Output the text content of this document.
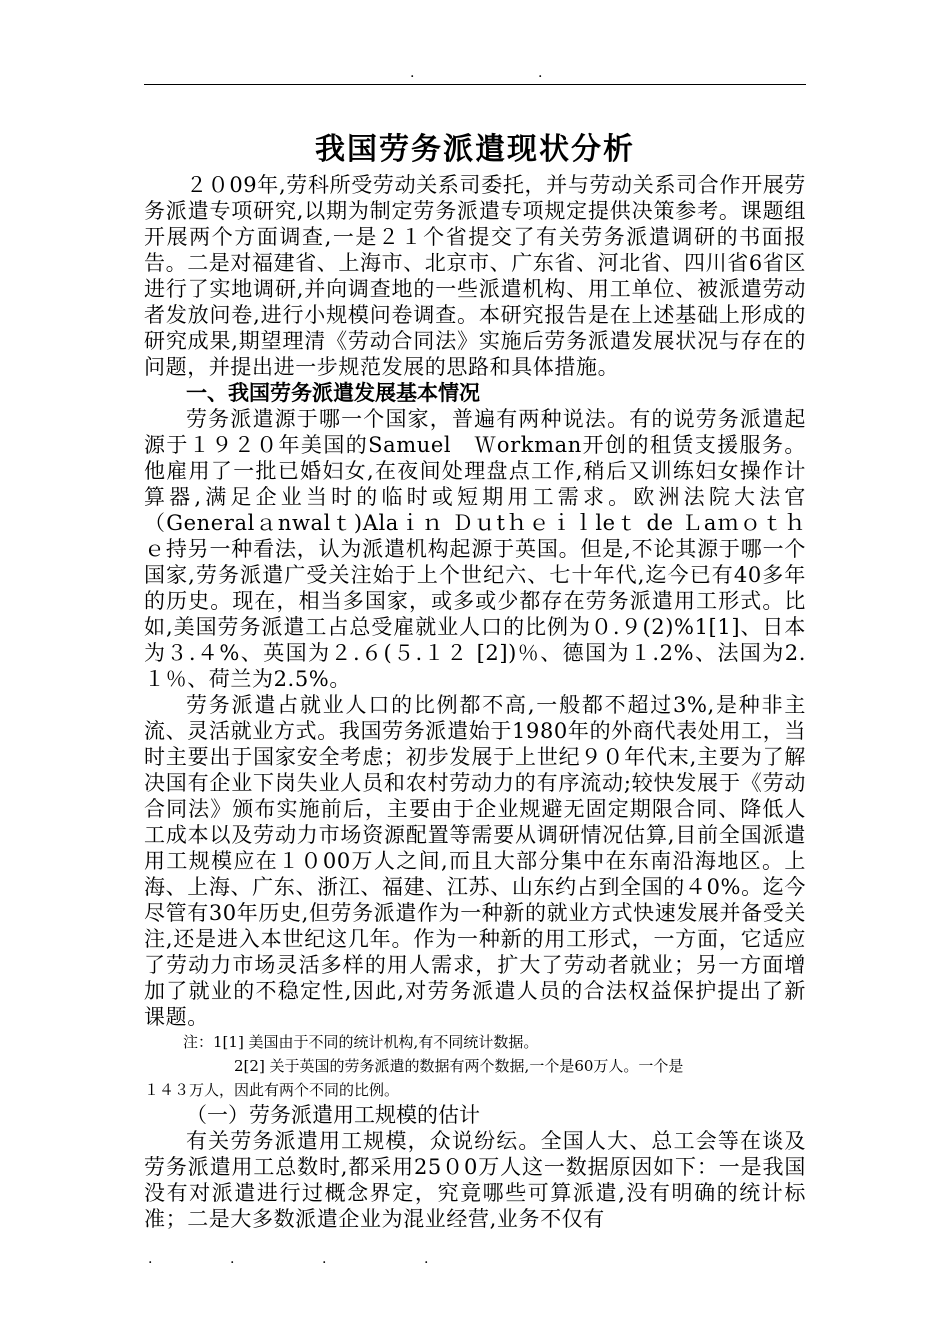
.	.
我国劳务派遣现状分析

２０09年,劳科所受劳动关系司委托，并与劳动关系司合作开展劳务派遣专项研究,以期为制定劳务派遣专项规定提供决策参考。课题组开展两个方面调查,一是２１个省提交了有关劳务派遣调研的书面报告。二是对福建省、上海市、北京市、广东省、河北省、四川省6省区进行了实地调研,并向调查地的一些派遣机构、用工单位、被派遣劳动者发放问卷,进行小规模问卷调查。本研究报告是在上述基础上形成的研究成果,期望理清《劳动合同法》实施后劳务派遣发展状况与存在的问题，并提出进一步规范发展的思路和具体措施。

一、我国劳务派遣发展基本情况

劳务派遣源于哪一个国家，普遍有两种说法。有的说劳务派遣起　源于１９２０年美国的Samuel　Ｗorkman开创的租赁支援服务。他雇用了一批已婚妇女,在夜间处理盘点工作,稍后又训练妇女操作计算器,满足企业当时的临时或短期用工需求。欧洲法院大法官（Generalａnwalｔ)Alaｉｎ Ｄｕtｈｅｉｌleｔ de Ｌaｍｏｔｈｅ持另一种看法，认为派遣机构起源于英国。但是,不论其源于哪一个国家,劳务派遣广受关注始于上个世纪六、七十年代,迄今已有40多年的历史。现在，相当多国家，或多或少都存在劳务派遣用工形式。比如,美国劳务派遣工占总受雇就业人口的比例为０.９(2)%1[1]、日本为３.４%、英国为２.６(５.１２ [2])％、德国为１.2%、法国为2.１％、荷兰为2.5%。

劳务派遣占就业人口的比例都不高,一般都不超过3%,是种非主流、灵活就业方式。我国劳务派遣始于1980年的外商代表处用工，当时主要出于国家安全考虑；初步发展于上世纪９０年代末,主要为了解决国有企业下岗失业人员和农村劳动力的有序流动;较快发展于《劳动合同法》颁布实施前后，主要由于企业规避无固定期限合同、降低人工成本以及劳动力市场资源配置等需要从调研情况估算,目前全国派遣用工规模应在１０00万人之间,而且大部分集中在东南沿海地区。上海、上海、广东、浙江、福建、江苏、山东约占到全国的４0%。迄今尽管有30年历史,但劳务派遣作为一种新的就业方式快速发展并备受关注,还是进入本世纪这几年。作为一种新的用工形式，一方面，它适应了劳动力市场灵活多样的用人需求，扩大了劳动者就业；另一方面增加了就业的不稳定性,因此,对劳务派遣人员的合法权益保护提出了新课题。

注：1[1] 美国由于不同的统计机构,有不同统计数据。

2[2] 关于英国的劳务派遣的数据有两个数据,一个是60万人。一个是

１４３万人，因此有两个不同的比例。

（一）劳务派遣用工规模的估计

有关劳务派遣用工规模，众说纷纭。全国人大、总工会等在谈及劳务派遣用工总数时,都采用25０0万人这一数据原因如下：一是我国没有对派遣进行过概念界定，究竟哪些可算派遣,没有明确的统计标准；二是大多数派遣企业为混业经营,业务不仅有

.	.	.	.
